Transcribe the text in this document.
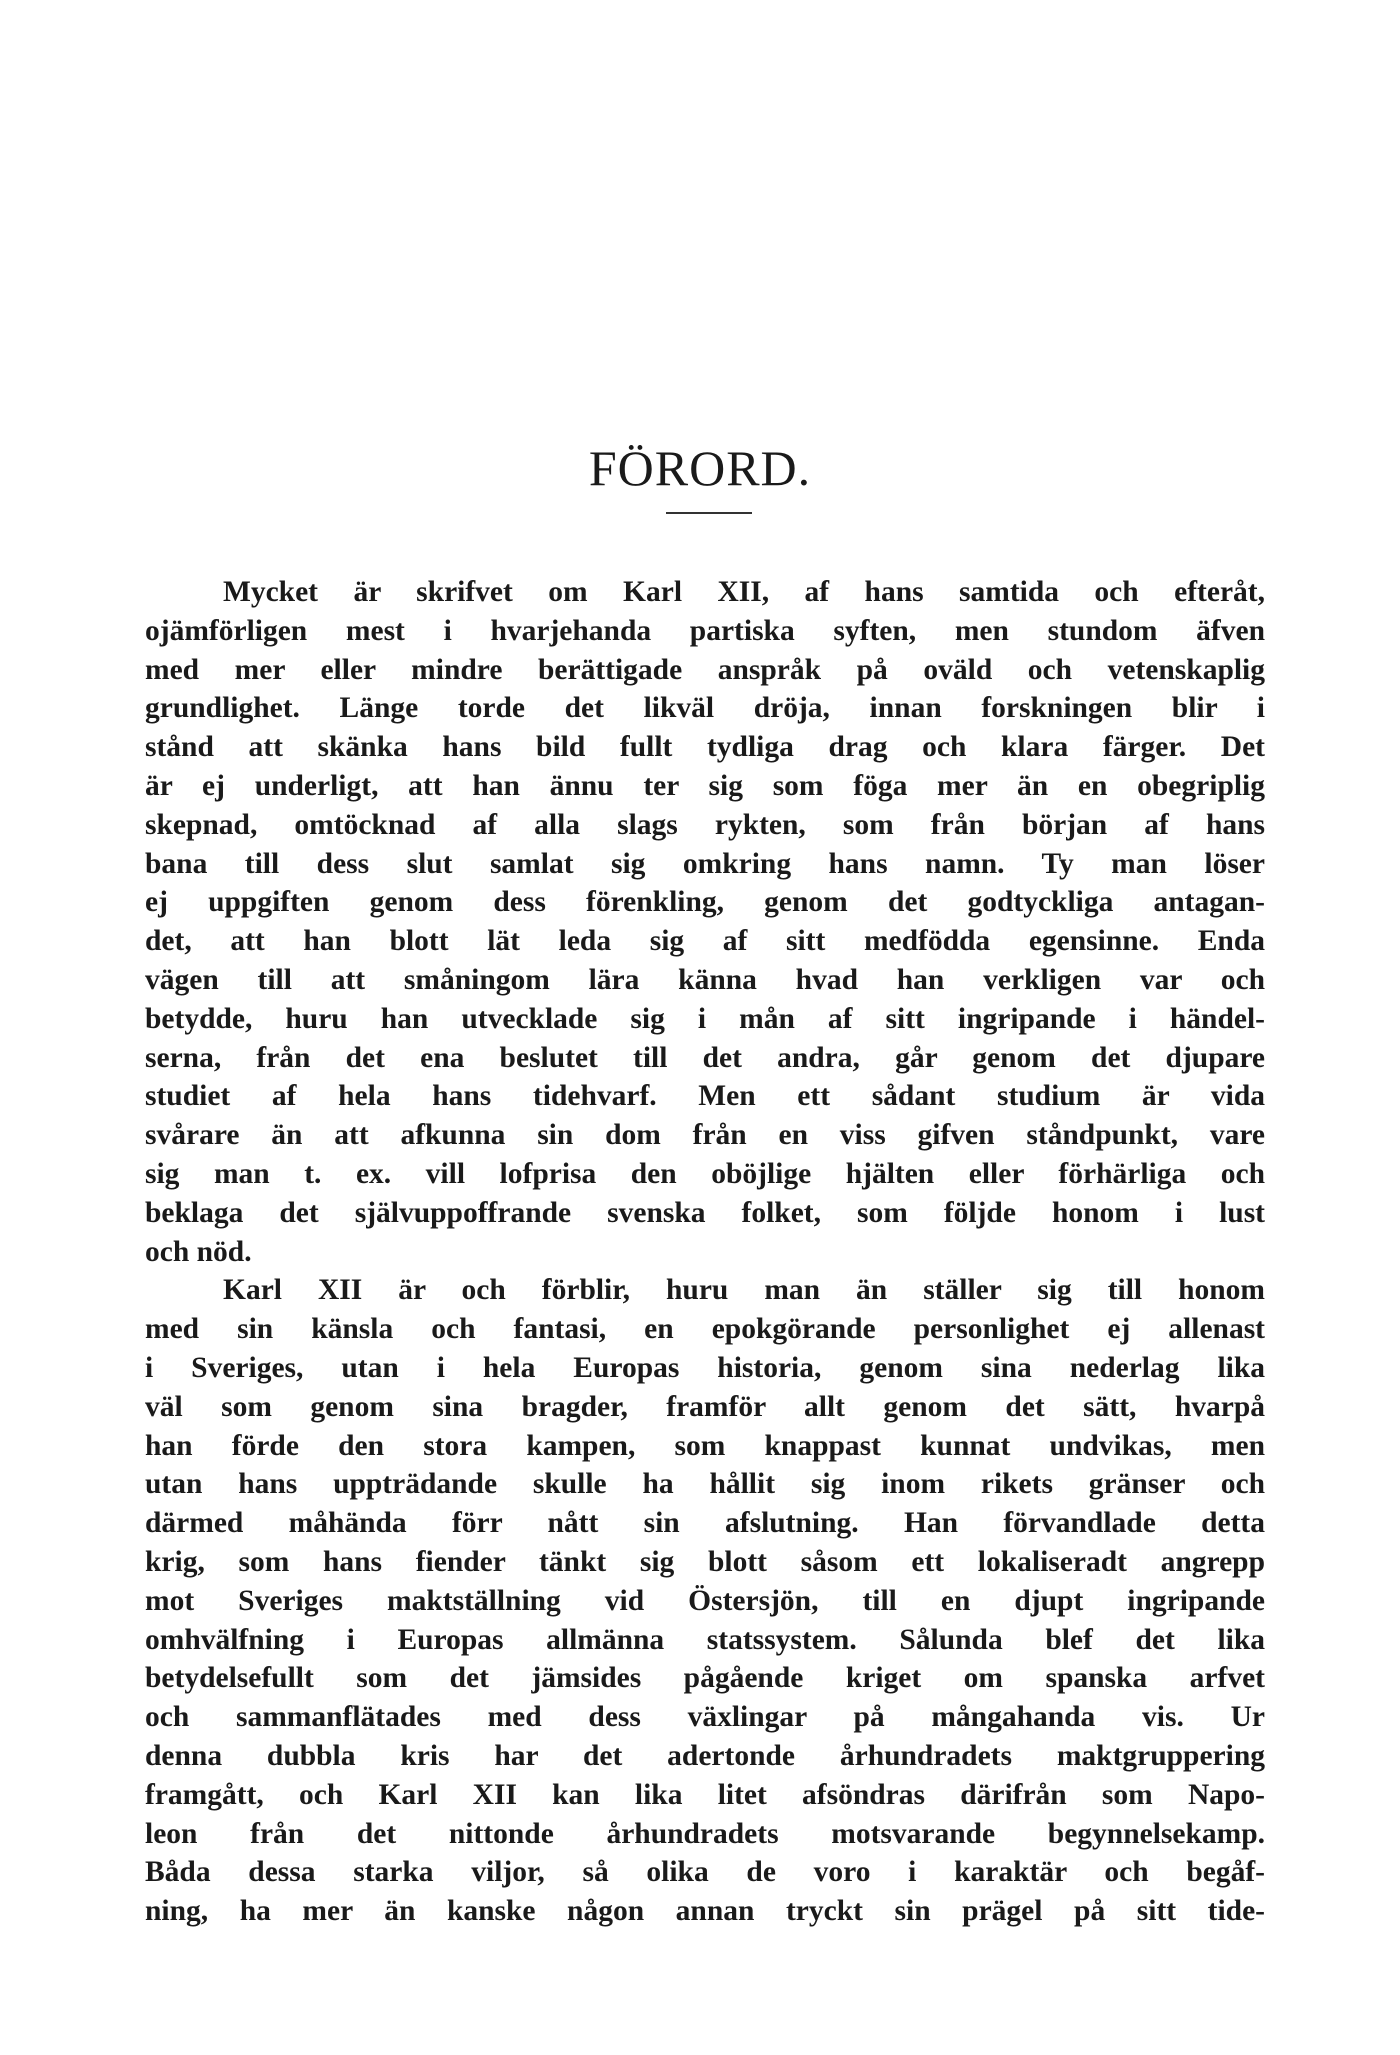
FÖRORD.
Mycket är skrifvet om Karl XII, af hans samtida och efteråt,
ojämförligen mest i hvarjehanda partiska syften, men stundom äfven
med mer eller mindre berättigade anspråk på oväld och vetenskaplig
grundlighet. Länge torde det likväl dröja, innan forskningen blir i
stånd att skänka hans bild fullt tydliga drag och klara färger. Det
är ej underligt, att han ännu ter sig som föga mer än en obegriplig
skepnad, omtöcknad af alla slags rykten, som från början af hans
bana till dess slut samlat sig omkring hans namn. Ty man löser
ej uppgiften genom dess förenkling, genom det godtyckliga antagan-
det, att han blott lät leda sig af sitt medfödda egensinne. Enda
vägen till att småningom lära känna hvad han verkligen var och
betydde, huru han utvecklade sig i mån af sitt ingripande i händel-
serna, från det ena beslutet till det andra, går genom det djupare
studiet af hela hans tidehvarf. Men ett sådant studium är vida
svårare än att afkunna sin dom från en viss gifven ståndpunkt, vare
sig man t. ex. vill lofprisa den oböjlige hjälten eller förhärliga och
beklaga det självuppoffrande svenska folket, som följde honom i lust
och nöd.
Karl XII är och förblir, huru man än ställer sig till honom
med sin känsla och fantasi, en epokgörande personlighet ej allenast
i Sveriges, utan i hela Europas historia, genom sina nederlag lika
väl som genom sina bragder, framför allt genom det sätt, hvarpå
han förde den stora kampen, som knappast kunnat undvikas, men
utan hans uppträdande skulle ha hållit sig inom rikets gränser och
därmed måhända förr nått sin afslutning. Han förvandlade detta
krig, som hans fiender tänkt sig blott såsom ett lokaliseradt angrepp
mot Sveriges maktställning vid Östersjön, till en djupt ingripande
omhvälfning i Europas allmänna statssystem. Sålunda blef det lika
betydelsefullt som det jämsides pågående kriget om spanska arfvet
och sammanflätades med dess växlingar på mångahanda vis. Ur
denna dubbla kris har det adertonde århundradets maktgruppering
framgått, och Karl XII kan lika litet afsöndras därifrån som Napo-
leon från det nittonde århundradets motsvarande begynnelsekamp.
Båda dessa starka viljor, så olika de voro i karaktär och begåf-
ning, ha mer än kanske någon annan tryckt sin prägel på sitt tide-
